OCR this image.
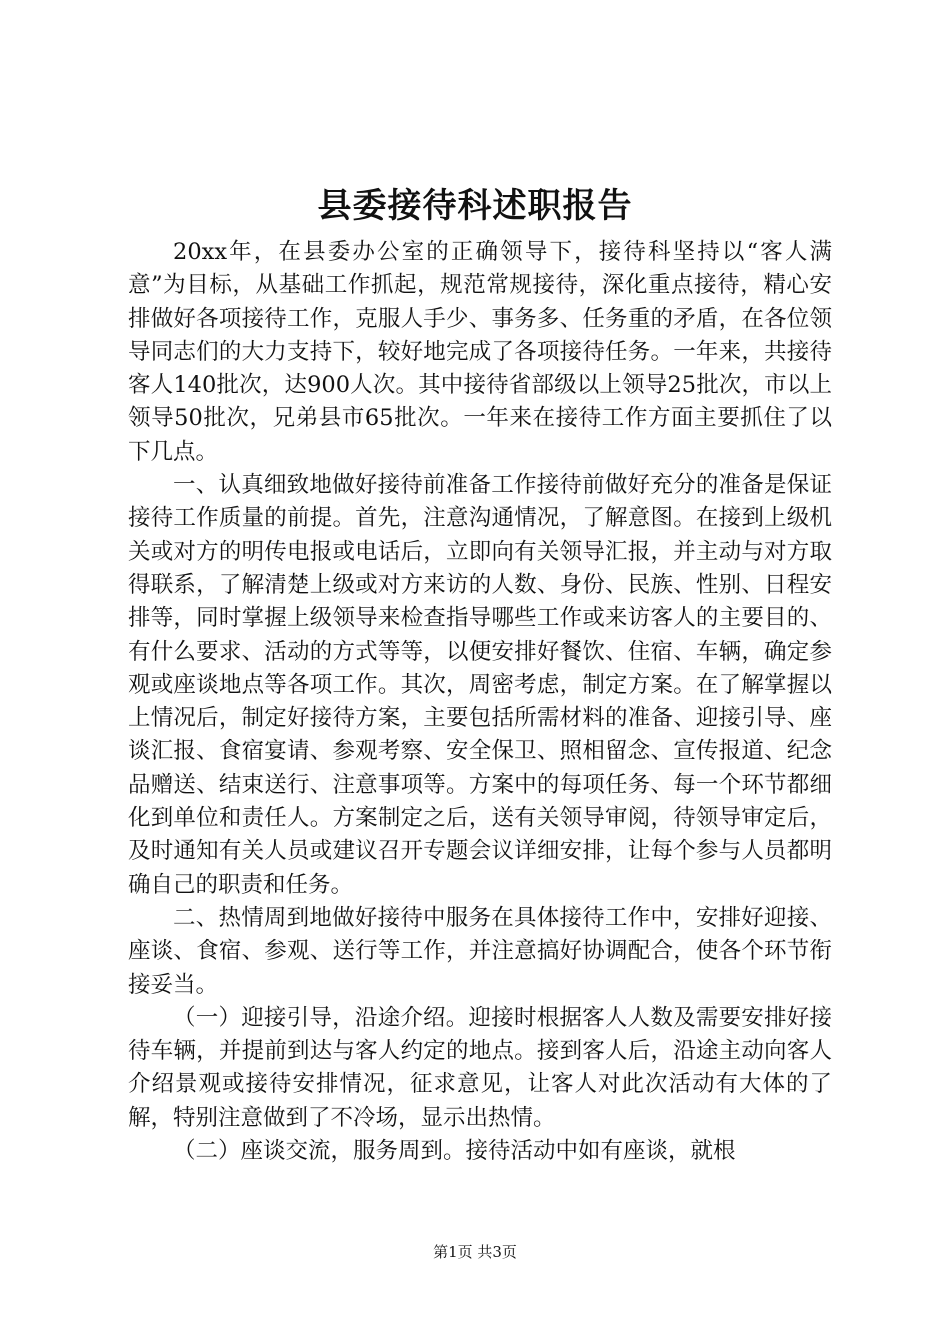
县委接待科述职报告

20xx年，在县委办公室的正确领导下，接待科坚持以“客人满意”为目标，从基础工作抓起，规范常规接待，深化重点接待，精心安排做好各项接待工作，克服人手少、事务多、任务重的矛盾，在各位领导同志们的大力支持下，较好地完成了各项接待任务。一年来，共接待客人140批次，达900人次。其中接待省部级以上领导25批次，市以上领导50批次，兄弟县市65批次。一年来在接待工作方面主要抓住了以下几点。

一、认真细致地做好接待前准备工作接待前做好充分的准备是保证接待工作质量的前提。首先，注意沟通情况，了解意图。在接到上级机关或对方的明传电报或电话后，立即向有关领导汇报，并主动与对方取得联系，了解清楚上级或对方来访的人数、身份、民族、性别、日程安排等，同时掌握上级领导来检查指导哪些工作或来访客人的主要目的、有什么要求、活动的方式等等，以便安排好餐饮、住宿、车辆，确定参观或座谈地点等各项工作。其次，周密考虑，制定方案。在了解掌握以上情况后，制定好接待方案，主要包括所需材料的准备、迎接引导、座谈汇报、食宿宴请、参观考察、安全保卫、照相留念、宣传报道、纪念品赠送、结束送行、注意事项等。方案中的每项任务、每一个环节都细化到单位和责任人。方案制定之后，送有关领导审阅，待领导审定后，及时通知有关人员或建议召开专题会议详细安排，让每个参与人员都明确自己的职责和任务。

二、热情周到地做好接待中服务在具体接待工作中，安排好迎接、座谈、食宿、参观、送行等工作，并注意搞好协调配合，使各个环节衔接妥当。

（一）迎接引导，沿途介绍。迎接时根据客人人数及需要安排好接待车辆，并提前到达与客人约定的地点。接到客人后，沿途主动向客人介绍景观或接待安排情况，征求意见，让客人对此次活动有大体的了解，特别注意做到了不冷场，显示出热情。

（二）座谈交流，服务周到。接待活动中如有座谈，就根

第1页 共3页
